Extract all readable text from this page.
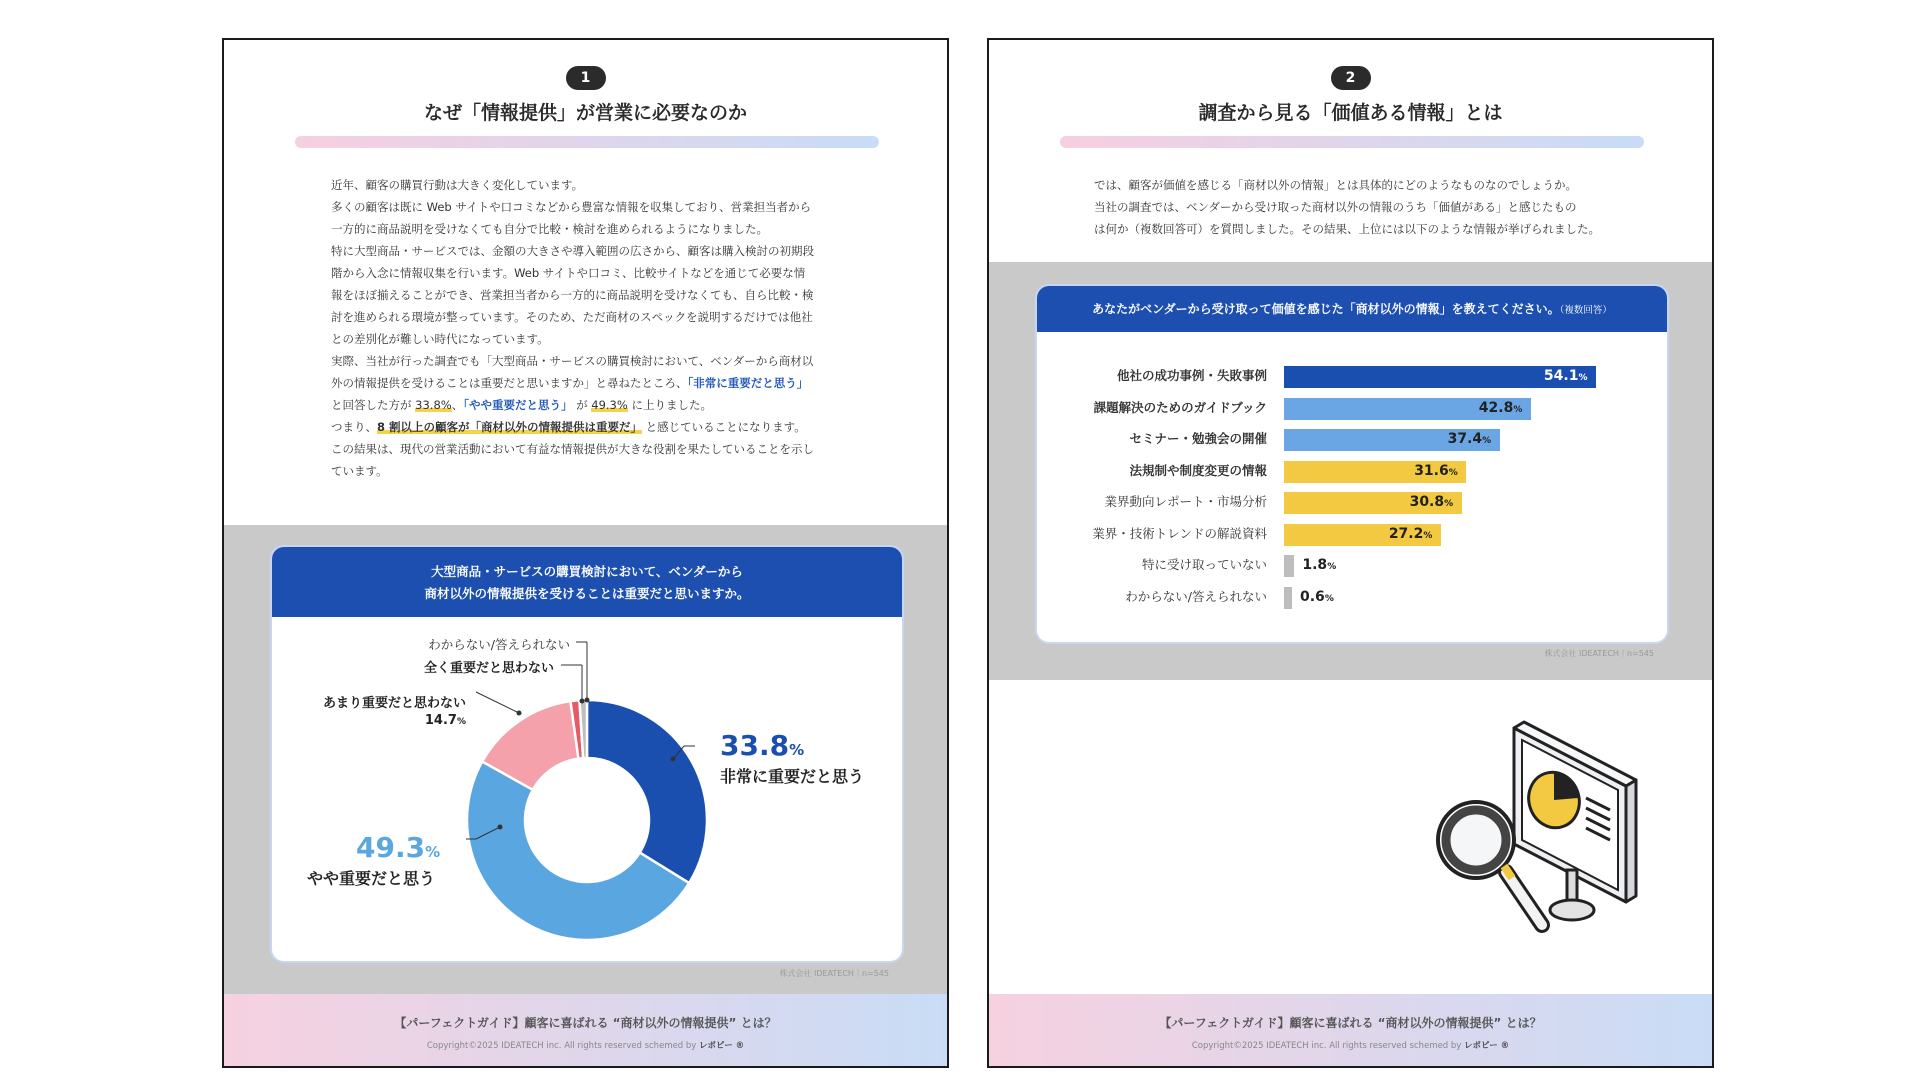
1
なぜ「情報提供」が営業に必要なのか

近年、顧客の購買行動は大きく変化しています。

多くの顧客は既に Web サイトや口コミなどから豊富な情報を収集しており、営業担当者から

一方的に商品説明を受けなくても自分で比較・検討を進められるようになりました。

特に大型商品・サービスでは、金額の大きさや導入範囲の広さから、顧客は購入検討の初期段

階から入念に情報収集を行います。Web サイトや口コミ、比較サイトなどを通じて必要な情

報をほぼ揃えることができ、営業担当者から一方的に商品説明を受けなくても、自ら比較・検

討を進められる環境が整っています。そのため、ただ商材のスペックを説明するだけでは他社

との差別化が難しい時代になっています。

実際、当社が行った調査でも「大型商品・サービスの購買検討において、ベンダーから商材以

外の情報提供を受けることは重要だと思いますか」と尋ねたところ、「非常に重要だと思う」

と回答した方が 33.8%、「やや重要だと思う」 が 49.3% に上りました。

つまり、8 割以上の顧客が「商材以外の情報提供は重要だ」 と感じていることになります。

この結果は、現代の営業活動において有益な情報提供が大きな役割を果たしていることを示し

ています。

大型商品・サービスの購買検討において、ベンダーから
商材以外の情報提供を受けることは重要だと思いますか。
33.8%
非常に重要だと思う
49.3%
やや重要だと思う
あまり重要だと思わない
14.7%
全く重要だと思わない
わからない/答えられない
株式会社 IDEATECH｜n=545
【パーフェクトガイド】顧客に喜ばれる “商材以外の情報提供” とは？
Copyright©2025 IDEATECH inc. All rights reserved schemed by レポピー ®
2
調査から見る「価値ある情報」とは

では、顧客が価値を感じる「商材以外の情報」とは具体的にどのようなものなのでしょうか。

当社の調査では、ベンダーから受け取った商材以外の情報のうち「価値がある」と感じたもの

は何か（複数回答可）を質問しました。その結果、上位には以下のような情報が挙げられました。

あなたがベンダーから受け取って価値を感じた「商材以外の情報」を教えてください。（複数回答）
他社の成功事例・失敗事例	54.1%
課題解決のためのガイドブック	42.8%
セミナー・勉強会の開催	37.4%
法規制や制度変更の情報	31.6%
業界動向レポート・市場分析	30.8%
業界・技術トレンドの解説資料	27.2%
特に受け取っていない	1.8%
わからない/答えられない 0.6%
株式会社 IDEATECH｜n=545
【パーフェクトガイド】顧客に喜ばれる “商材以外の情報提供” とは？
Copyright©2025 IDEATECH inc. All rights reserved schemed by レポピー ®
